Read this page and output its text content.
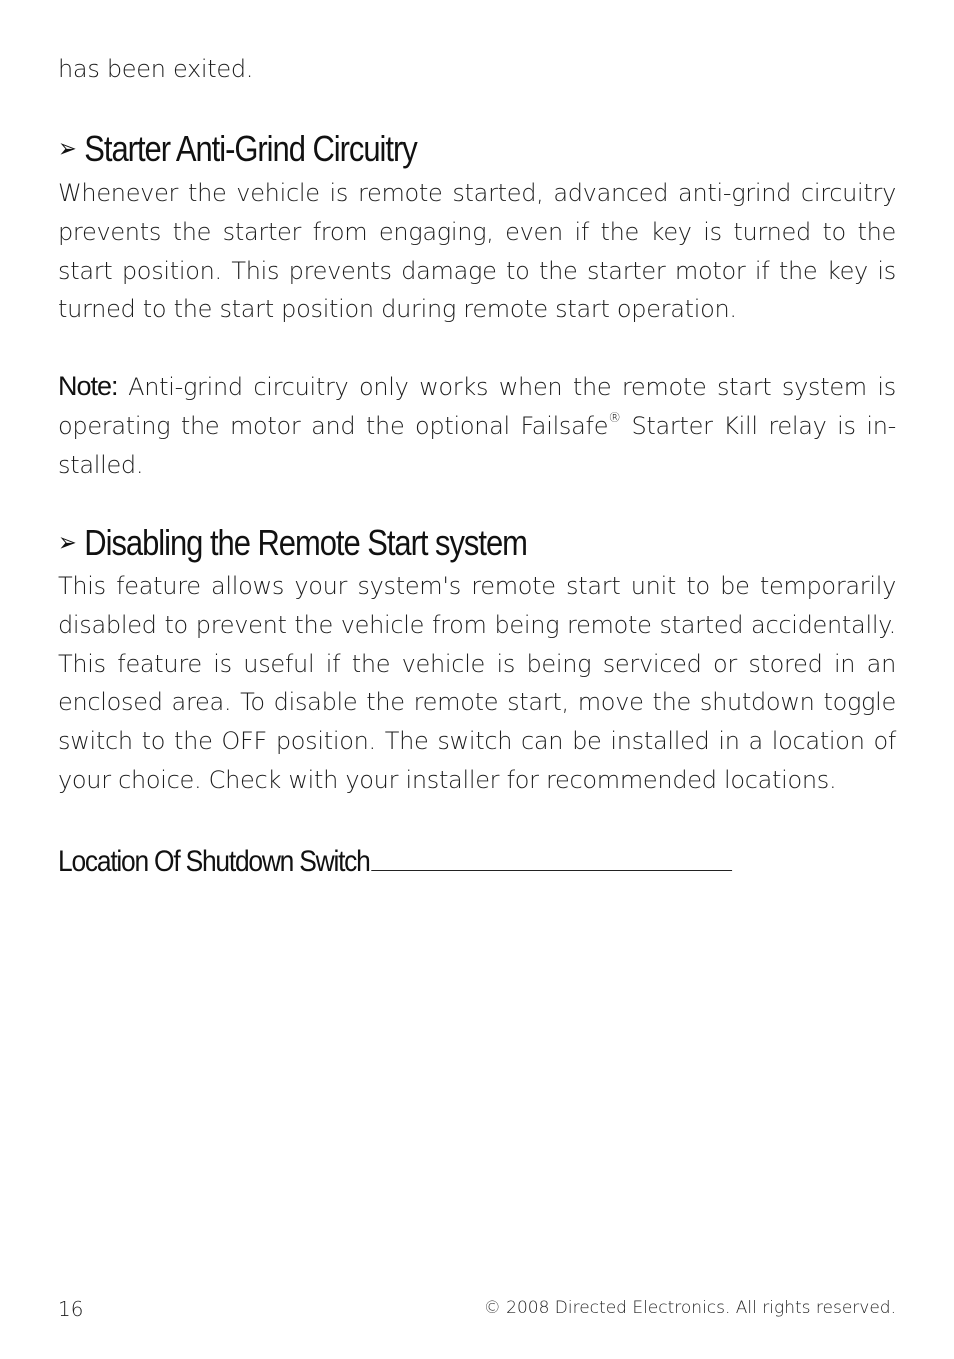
has been exited.

➢ Starter Anti-Grind Circuitry

Whenever the vehicle is remote started, advanced anti-grind circuitry prevents the starter from engaging, even if the key is turned to the start position. This prevents damage to the starter motor if the key is turned to the start position during remote start operation.

Note: Anti-grind circuitry only works when the remote start system is operating the motor and the optional Failsafe® Starter Kill relay is in-stalled.

➢ Disabling the Remote Start system

This feature allows your system's remote start unit to be temporarily disabled to prevent the vehicle from being remote started accidentally. This feature is useful if the vehicle is being serviced or stored in an enclosed area. To disable the remote start, move the shutdown toggle switch to the OFF position. The switch can be installed in a location of your choice. Check with your installer for recommended locations.

Location Of Shutdown Switch
16	© 2008 Directed Electronics. All rights reserved.
